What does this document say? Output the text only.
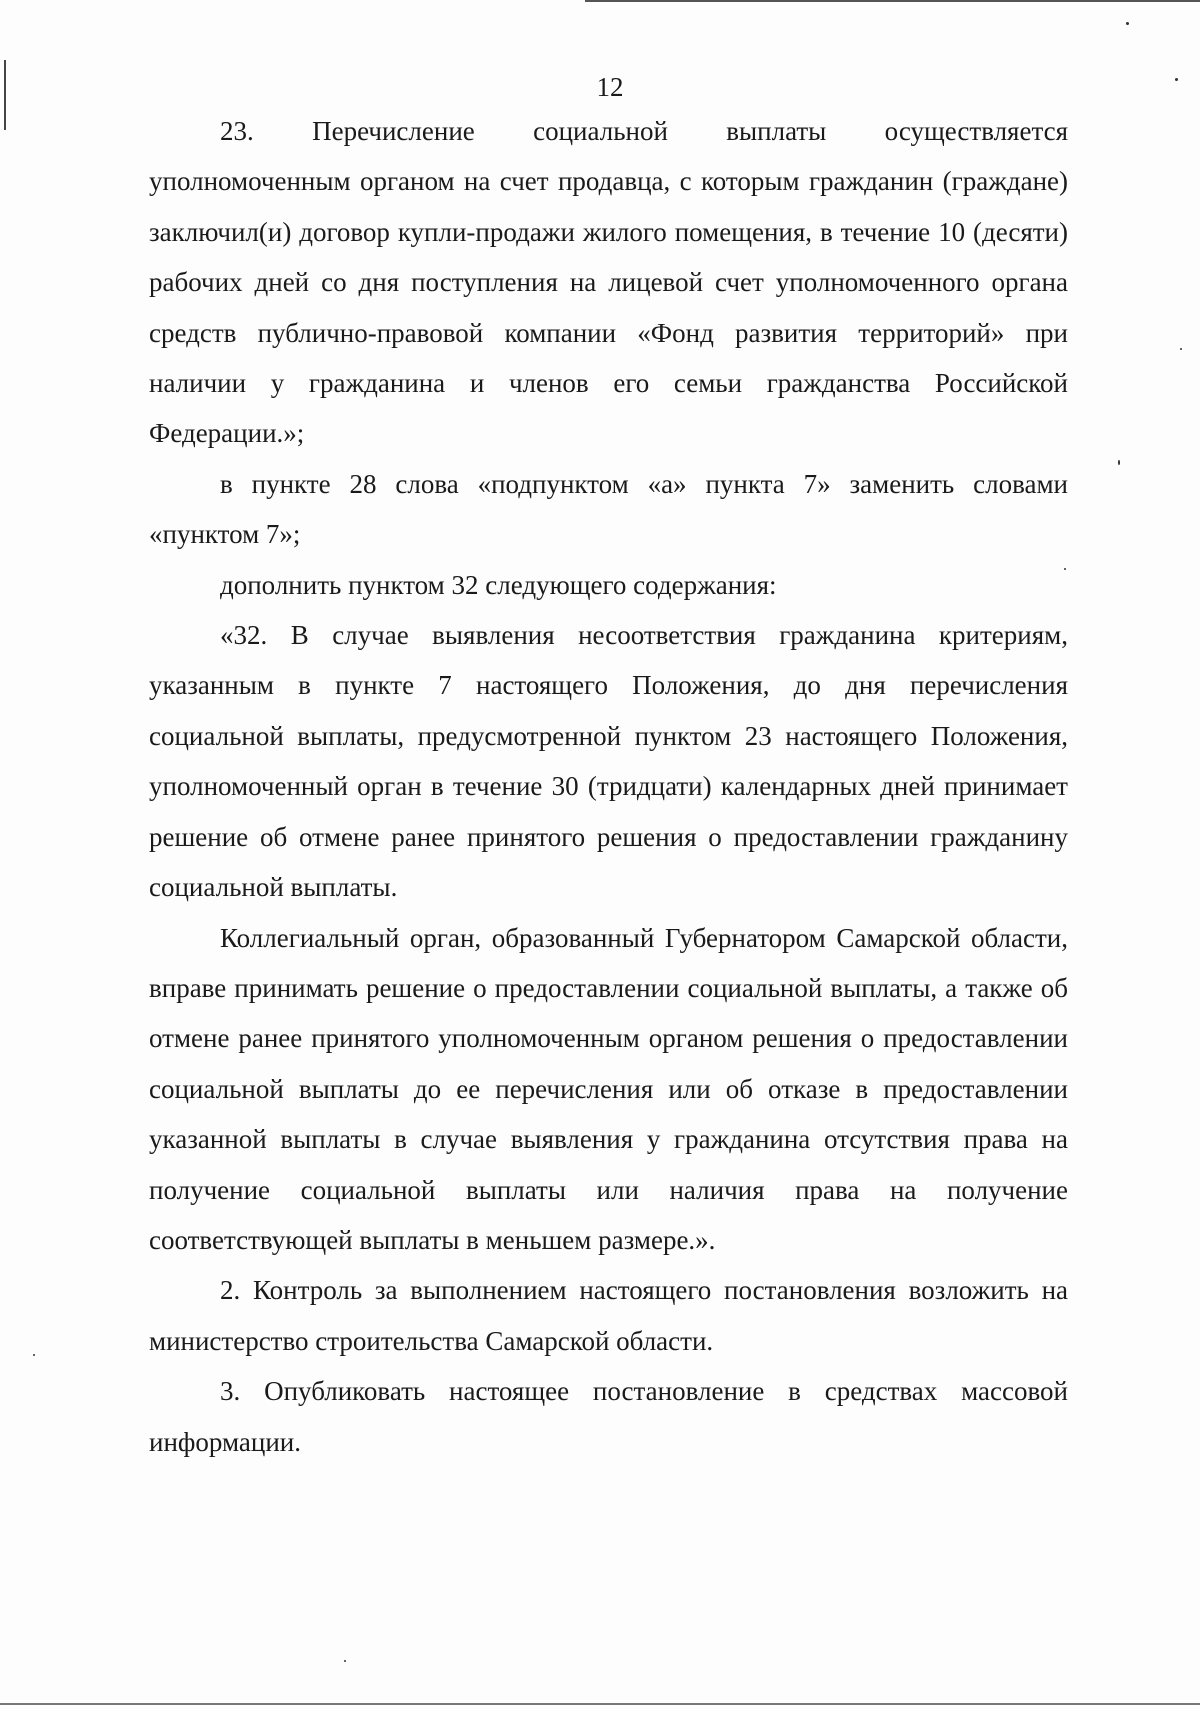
12

23. Перечисление социальной выплаты осуществляется уполномоченным органом на счет продавца, с которым гражданин (граждане) заключил(и) договор купли-продажи жилого помещения, в течение 10 (десяти) рабочих дней со дня поступления на лицевой счет уполномоченного органа средств публично-правовой компании «Фонд развития территорий» при наличии у гражданина и членов его семьи гражданства Российской Федерации.»;

в пункте 28 слова «подпунктом «а» пункта 7» заменить словами «пунктом 7»;

дополнить пунктом 32 следующего содержания:

«32. В случае выявления несоответствия гражданина критериям, указанным в пункте 7 настоящего Положения, до дня перечисления социальной выплаты, предусмотренной пунктом 23 настоящего Положения, уполномоченный орган в течение 30 (тридцати) календарных дней принимает решение об отмене ранее принятого решения о предоставлении гражданину социальной выплаты.

Коллегиальный орган, образованный Губернатором Самарской области, вправе принимать решение о предоставлении социальной выплаты, а также об отмене ранее принятого уполномоченным органом решения о предоставлении социальной выплаты до ее перечисления или об отказе в предоставлении указанной выплаты в случае выявления у гражданина отсутствия права на получение социальной выплаты или наличия права на получение соответствующей выплаты в меньшем размере.».

2. Контроль за выполнением настоящего постановления возложить на министерство строительства Самарской области.

3. Опубликовать настоящее постановление в средствах массовой информации.
